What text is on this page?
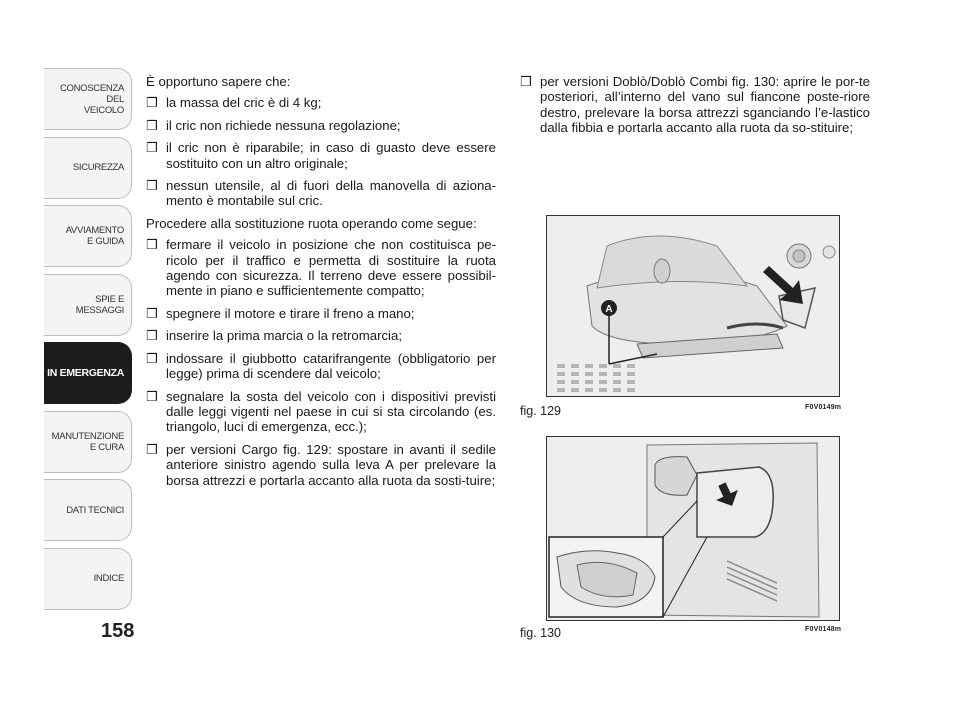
CONOSCENZA
DEL
VEICOLO
SICUREZZA
AVVIAMENTO
E GUIDA
SPIE E
MESSAGGI
IN EMERGENZA
MANUTENZIONE
E CURA
DATI TECNICI
INDICE
158

È opportuno sapere che:

❒ la massa del cric è di 4 kg;
❒ il cric non richiede nessuna regolazione;
❒ il cric non è riparabile; in caso di guasto deve essere sostituito con un altro originale;
❒ nessun utensile, al di fuori della manovella di aziona-mento è montabile sul cric.

Procedere alla sostituzione ruota operando come segue:

❒ fermare il veicolo in posizione che non costituisca pe-ricolo per il traffico e permetta di sostituire la ruota agendo con sicurezza. Il terreno deve essere possibil-mente in piano e sufficientemente compatto;
❒ spegnere il motore e tirare il freno a mano;
❒ inserire la prima marcia o la retromarcia;
❒ indossare il giubbotto catarifrangente (obbligatorio per legge) prima di scendere dal veicolo;
❒ segnalare la sosta del veicolo con i dispositivi previsti dalle leggi vigenti nel paese in cui si sta circolando (es. triangolo, luci di emergenza, ecc.);
❒ per versioni Cargo fig. 129: spostare in avanti il sedile anteriore sinistro agendo sulla leva A per prelevare la borsa attrezzi e portarla accanto alla ruota da sosti-tuire;
❒ per versioni Doblò/Doblò Combi fig. 130: aprire le por-te posteriori, all’interno del vano sul fiancone poste-riore destro, prelevare la borsa attrezzi sganciando l’e-lastico dalla fibbia e portarla accanto alla ruota da so-stituire;
A
fig. 129	F0V0149m
fig. 130	F0V0148m
